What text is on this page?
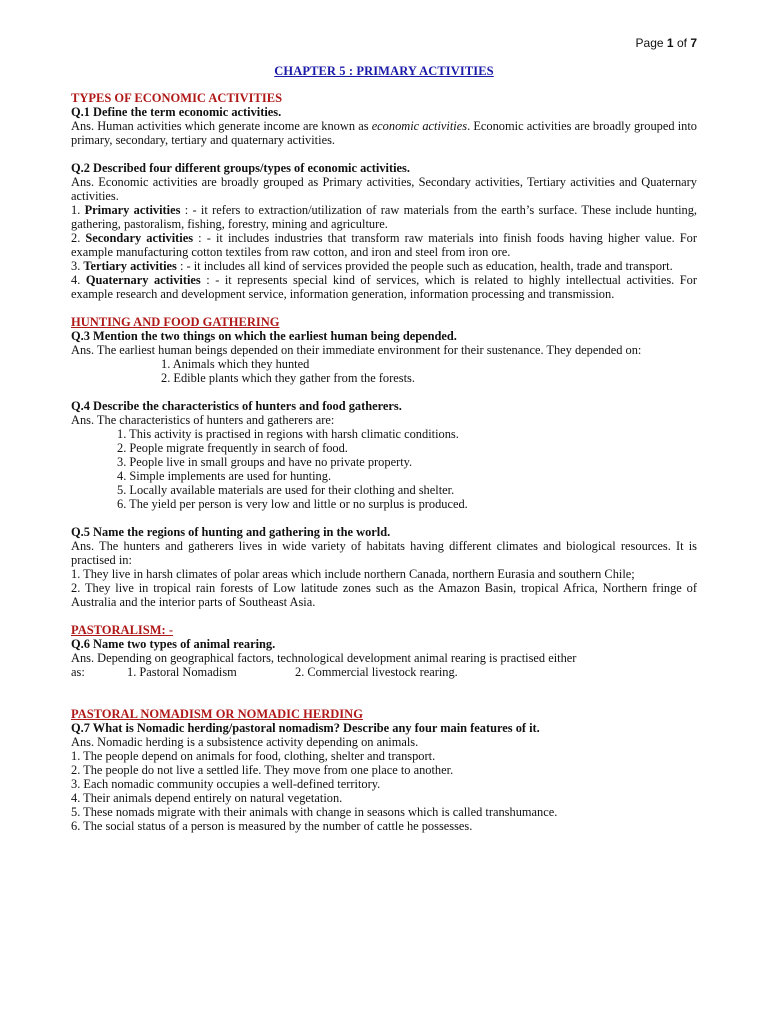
Page 1 of 7

CHAPTER 5 : PRIMARY ACTIVITIES

TYPES OF ECONOMIC ACTIVITIES

Q.1 Define the term economic activities.

Ans. Human activities which generate income are known as economic activities. Economic activities are broadly grouped into primary, secondary, tertiary and quaternary activities.

Q.2 Described four different groups/types of economic activities.

Ans. Economic activities are broadly grouped as Primary activities, Secondary activities, Tertiary activities and Quaternary activities.

1. Primary activities : - it refers to extraction/utilization of raw materials from the earth’s surface. These include hunting, gathering, pastoralism, fishing, forestry, mining and agriculture.

2. Secondary activities : - it includes industries that transform raw materials into finish foods having higher value. For example manufacturing cotton textiles from raw cotton, and iron and steel from iron ore.

3. Tertiary activities : - it includes all kind of services provided the people such as education, health, trade and transport.

4. Quaternary activities : - it represents special kind of services, which is related to highly intellectual activities. For example research and development service, information generation, information processing and transmission.

HUNTING AND FOOD GATHERING

Q.3 Mention the two things on which the earliest human being depended.

Ans. The earliest human beings depended on their immediate environment for their sustenance. They depended on:

1. Animals which they hunted

2. Edible plants which they gather from the forests.

Q.4 Describe the characteristics of hunters and food gatherers.

Ans. The characteristics of hunters and gatherers are:

1. This activity is practised in regions with harsh climatic conditions.

2. People migrate frequently in search of food.

3. People live in small groups and have no private property.

4. Simple implements are used for hunting.

5. Locally available materials are used for their clothing and shelter.

6. The yield per person is very low and little or no surplus is produced.

Q.5 Name the regions of hunting and gathering in the world.

Ans. The hunters and gatherers lives in wide variety of habitats having different climates and biological resources. It is practised in:

1. They live in harsh climates of polar areas which include northern Canada, northern Eurasia and southern Chile;

2. They live in tropical rain forests of Low latitude zones such as the Amazon Basin, tropical Africa, Northern fringe of Australia and the interior parts of Southeast Asia.

PASTORALISM: -

Q.6 Name two types of animal rearing.

Ans. Depending on geographical factors, technological development animal rearing is practised either

as:	1. Pastoral Nomadism	2. Commercial livestock rearing.

PASTORAL NOMADISM OR NOMADIC HERDING

Q.7 What is Nomadic herding/pastoral nomadism? Describe any four main features of it.

Ans. Nomadic herding is a subsistence activity depending on animals.

1. The people depend on animals for food, clothing, shelter and transport.

2. The people do not live a settled life. They move from one place to another.

3. Each nomadic community occupies a well-defined territory.

4. Their animals depend entirely on natural vegetation.

5. These nomads migrate with their animals with change in seasons which is called transhumance.

6. The social status of a person is measured by the number of cattle he possesses.
